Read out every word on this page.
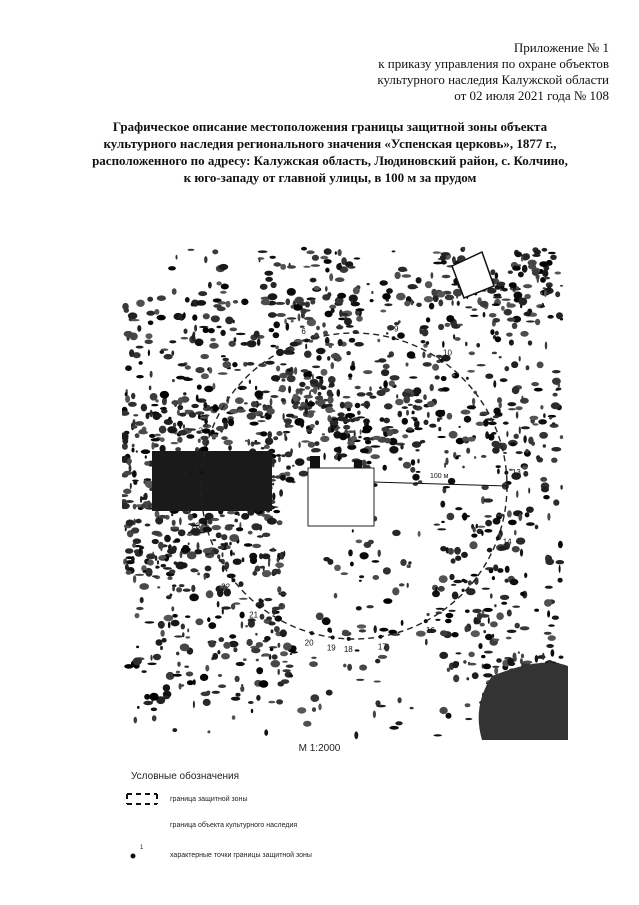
Приложение № 1
к приказу управления по охране объектов
культурного наследия Калужской области
от 02 июля 2021 года № 108
Графическое описание местоположения границы защитной зоны объекта
культурного наследия регионального значения «Успенская церковь», 1877 г.,
расположенного по адресу: Калужская область, Людиновский район, с. Колчино,
к юго-западу от главной улицы, в 100 м за прудом
100 м
2
3
6	9
10
13
14
16
17
18
19
20
21
22
23
М 1:2000
Условные обозначения
граница защитной зоны
граница объекта культурного наследия
1
характерные точки границы защитной зоны
